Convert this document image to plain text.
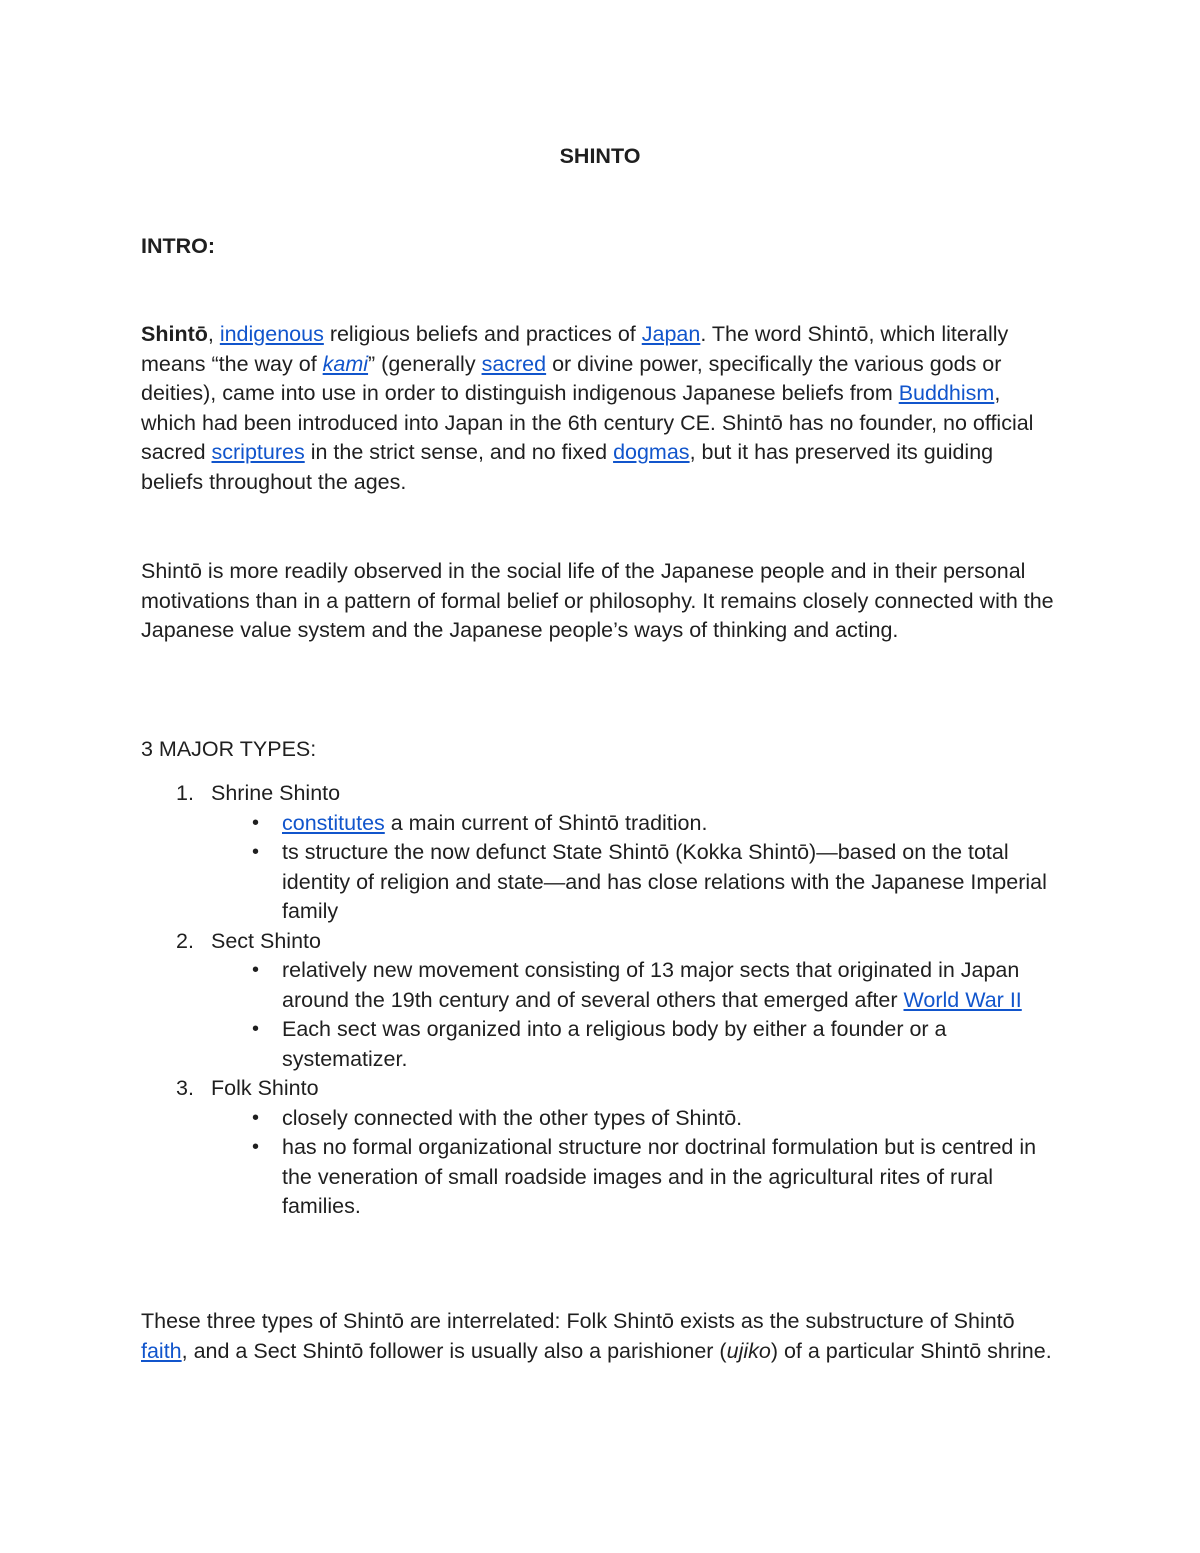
SHINTO
INTRO:

Shintō, indigenous religious beliefs and practices of Japan. The word Shintō, which literally means “the way of kami” (generally sacred or divine power, specifically the various gods or deities), came into use in order to distinguish indigenous Japanese beliefs from Buddhism, which had been introduced into Japan in the 6th century CE. Shintō has no founder, no official sacred scriptures in the strict sense, and no fixed dogmas, but it has preserved its guiding beliefs throughout the ages.

Shintō is more readily observed in the social life of the Japanese people and in their personal motivations than in a pattern of formal belief or philosophy. It remains closely connected with the Japanese value system and the Japanese people’s ways of thinking and acting.

3 MAJOR TYPES:
1. Shrine Shinto
• constitutes a main current of Shintō tradition.
• ts structure the now defunct State Shintō (Kokka Shintō)—based on the total identity of religion and state—and has close relations with the Japanese Imperial family
2. Sect Shinto
• relatively new movement consisting of 13 major sects that originated in Japan around the 19th century and of several others that emerged after World War II
• Each sect was organized into a religious body by either a founder or a systematizer.
3. Folk Shinto
• closely connected with the other types of Shintō.
• has no formal organizational structure nor doctrinal formulation but is centred in the veneration of small roadside images and in the agricultural rites of rural families.

These three types of Shintō are interrelated: Folk Shintō exists as the substructure of Shintō faith, and a Sect Shintō follower is usually also a parishioner (ujiko) of a particular Shintō shrine.
